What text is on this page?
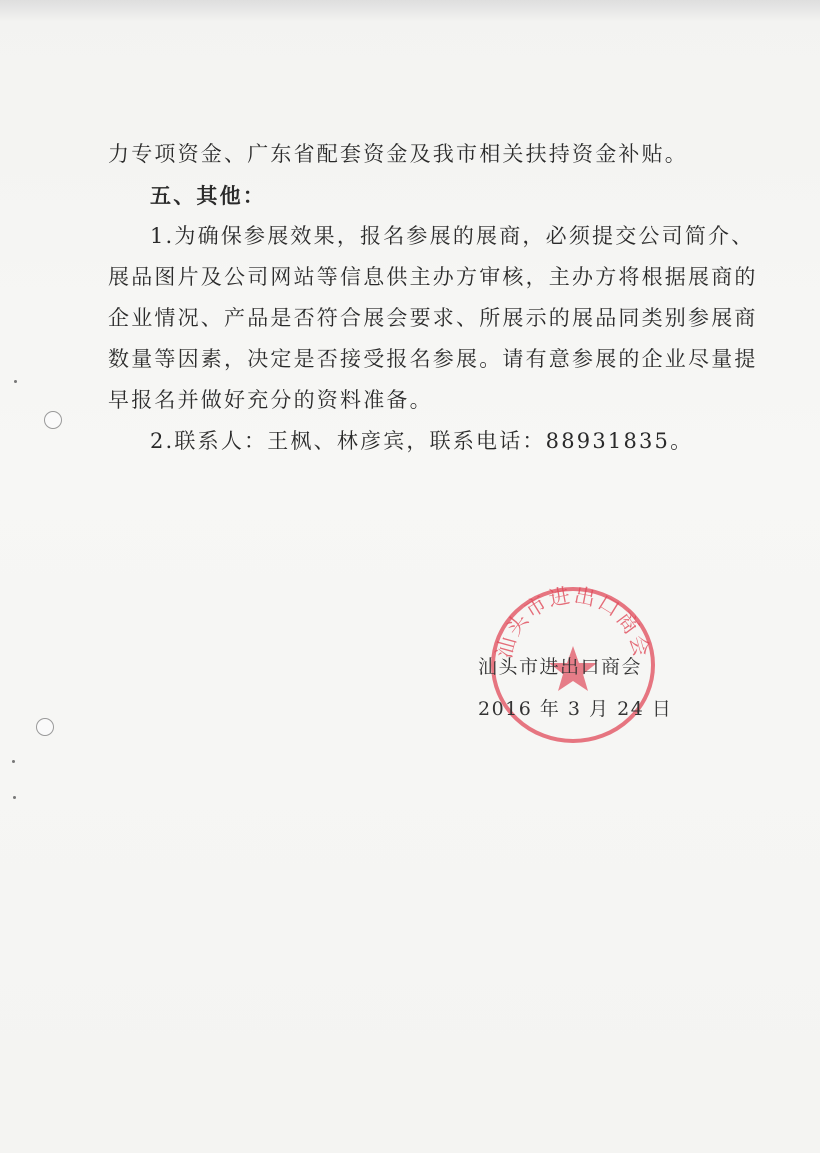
力专项资金、广东省配套资金及我市相关扶持资金补贴。
五、其他：
1.为确保参展效果，报名参展的展商，必须提交公司简介、
展品图片及公司网站等信息供主办方审核，主办方将根据展商的
企业情况、产品是否符合展会要求、所展示的展品同类别参展商
数量等因素，决定是否接受报名参展。请有意参展的企业尽量提
早报名并做好充分的资料准备。
2.联系人：王枫、林彦宾，联系电话：88931835。
汕头市进出口商会
汕头市进出口商会
2016 年 3 月 24 日
